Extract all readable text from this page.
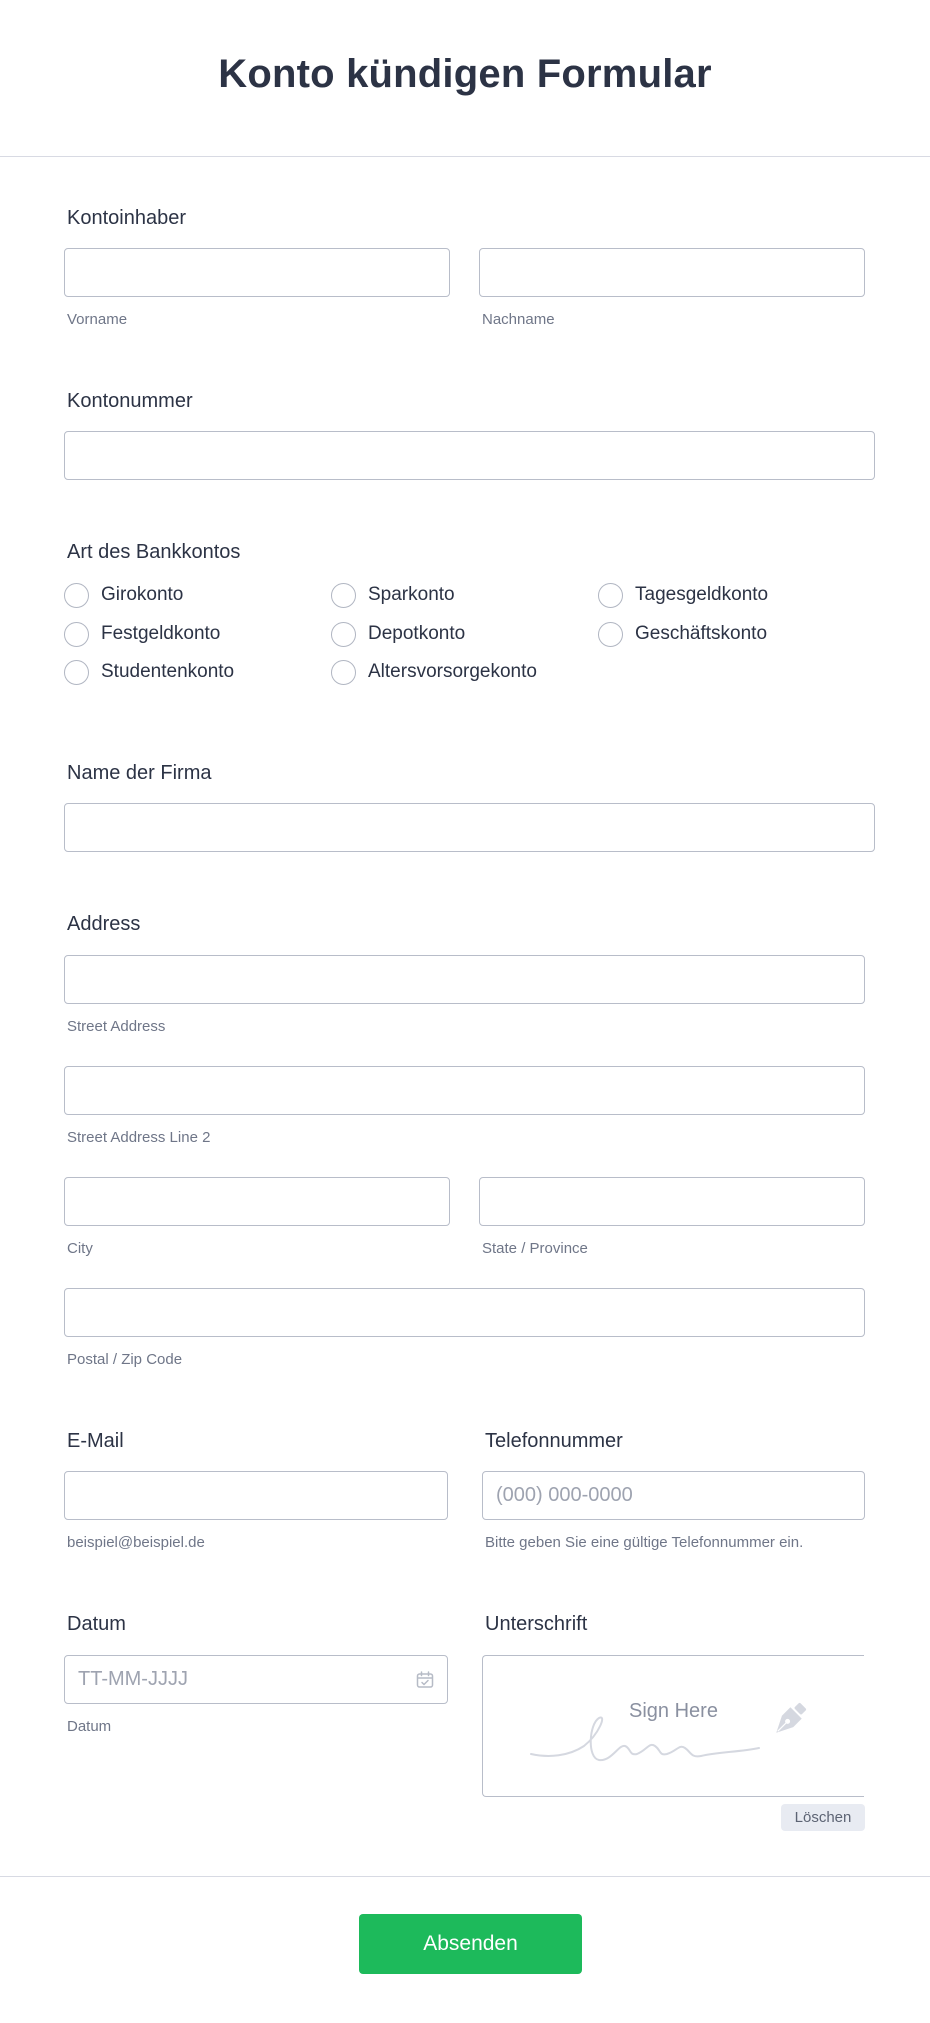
Konto kündigen Formular
Kontoinhaber
Vorname	Nachname
Kontonummer
Art des Bankkontos
Girokonto	Sparkonto	Tagesgeldkonto
Festgeldkonto	Depotkonto	Geschäftskonto
Studentenkonto	Altersvorsorgekonto
Name der Firma
Address
Street Address
Street Address Line 2
City	State / Province
Postal / Zip Code
E-Mail
beispiel@beispiel.de
Telefonnummer
(000) 000-0000
Bitte geben Sie eine gültige Telefonnummer ein.
Datum
TT-MM-JJJJ
Datum
Unterschrift
Sign Here
Löschen
Absenden
